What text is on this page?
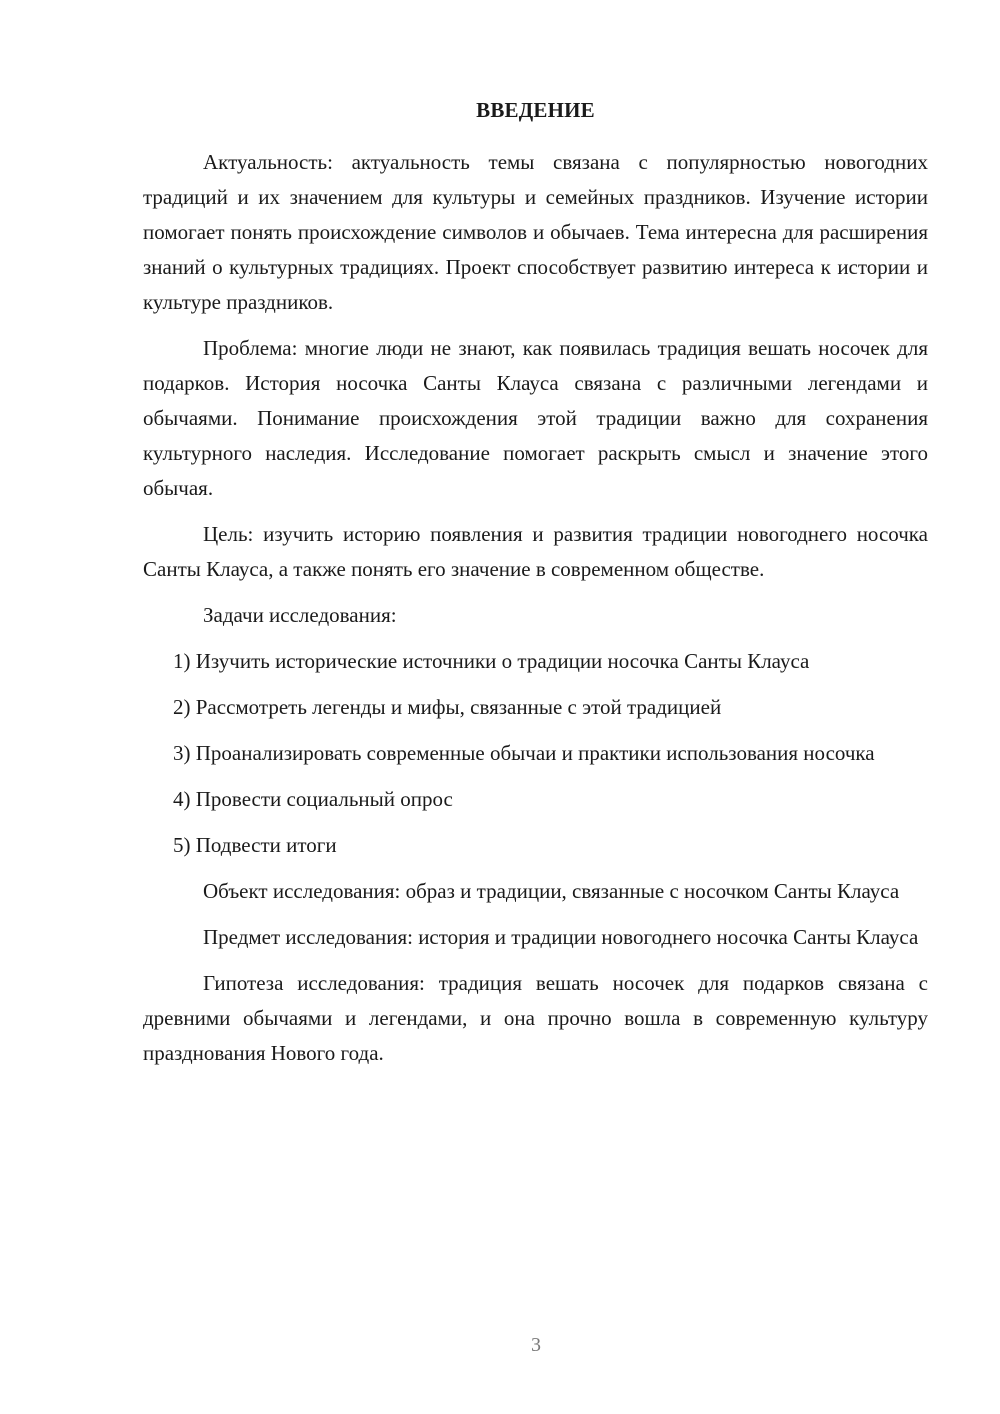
ВВЕДЕНИЕ

Актуальность: актуальность темы связана с популярностью новогодних традиций и их значением для культуры и семейных праздников. Изучение истории помогает понять происхождение символов и обычаев. Тема интересна для расширения знаний о культурных традициях. Проект способствует развитию интереса к истории и культуре праздников.

Проблема: многие люди не знают, как появилась традиция вешать носочек для подарков. История носочка Санты Клауса связана с различными легендами и обычаями. Понимание происхождения этой традиции важно для сохранения культурного наследия. Исследование помогает раскрыть смысл и значение этого обычая.

Цель: изучить историю появления и развития традиции новогоднего носочка Санты Клауса, а также понять его значение в современном обществе.

Задачи исследования:

1) Изучить исторические источники о традиции носочка Санты Клауса

2) Рассмотреть легенды и мифы, связанные с этой традицией

3) Проанализировать современные обычаи и практики использования носочка

4) Провести социальный опрос

5) Подвести итоги

Объект исследования: образ и традиции, связанные с носочком Санты Клауса

Предмет исследования: история и традиции новогоднего носочка Санты Клауса

Гипотеза исследования: традиция вешать носочек для подарков связана с древними обычаями и легендами, и она прочно вошла в современную культуру празднования Нового года.

3
